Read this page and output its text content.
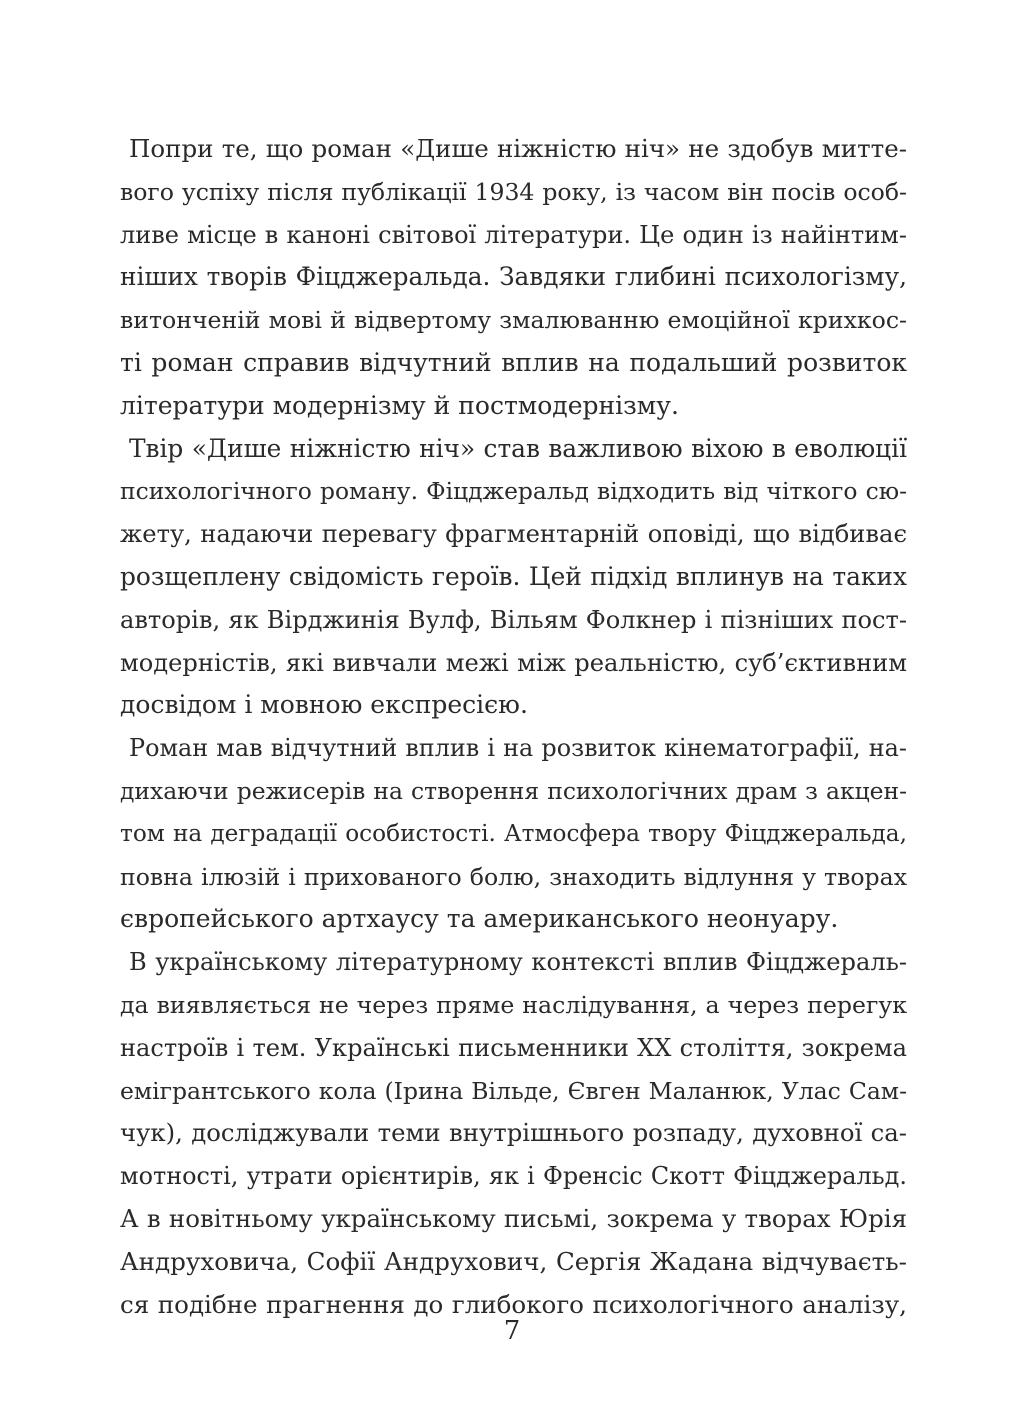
Попри те, що роман «Дише ніжністю ніч» не здобув митте-
вого успіху після публікації 1934 року, із часом він посів особ-
ливе місце в каноні світової літератури. Це один із найінтим-
ніших творів Фіцджеральда. Завдяки глибині психологізму,
витонченій мові й відвертому змалюванню емоційної крихкос-
ті роман справив відчутний вплив на подальший розвиток
літератури модернізму й постмодернізму.
Твір «Дише ніжністю ніч» став важливою віхою в еволюції
психологічного роману. Фіцджеральд відходить від чіткого сю-
жету, надаючи перевагу фрагментарній оповіді, що відбиває
розщеплену свідомість героїв. Цей підхід вплинув на таких
авторів, як Вірджинія Вулф, Вільям Фолкнер і пізніших пост-
модерністів, які вивчали межі між реальністю, суб’єктивним
досвідом і мовною експресією.
Роман мав відчутний вплив і на розвиток кінематографії, на-
дихаючи режисерів на створення психологічних драм з акцен-
том на деградації особистості. Атмосфера твору Фіцджеральда,
повна ілюзій і прихованого болю, знаходить відлуння у творах
європейського артхаусу та американського неонуару.
В українському літературному контексті вплив Фіцджераль-
да виявляється не через пряме наслідування, а через перегук
настроїв і тем. Українські письменники XX століття, зокрема
емігрантського кола (Ірина Вільде, Євген Маланюк, Улас Сам-
чук), досліджували теми внутрішнього розпаду, духовної са-
мотності, утрати орієнтирів, як і Френсіс Скотт Фіцджеральд.
А в новітньому українському письмі, зокрема у творах Юрія
Андруховича, Софії Андрухович, Сергія Жадана відчуваєть-
ся подібне прагнення до глибокого психологічного аналізу,
7
